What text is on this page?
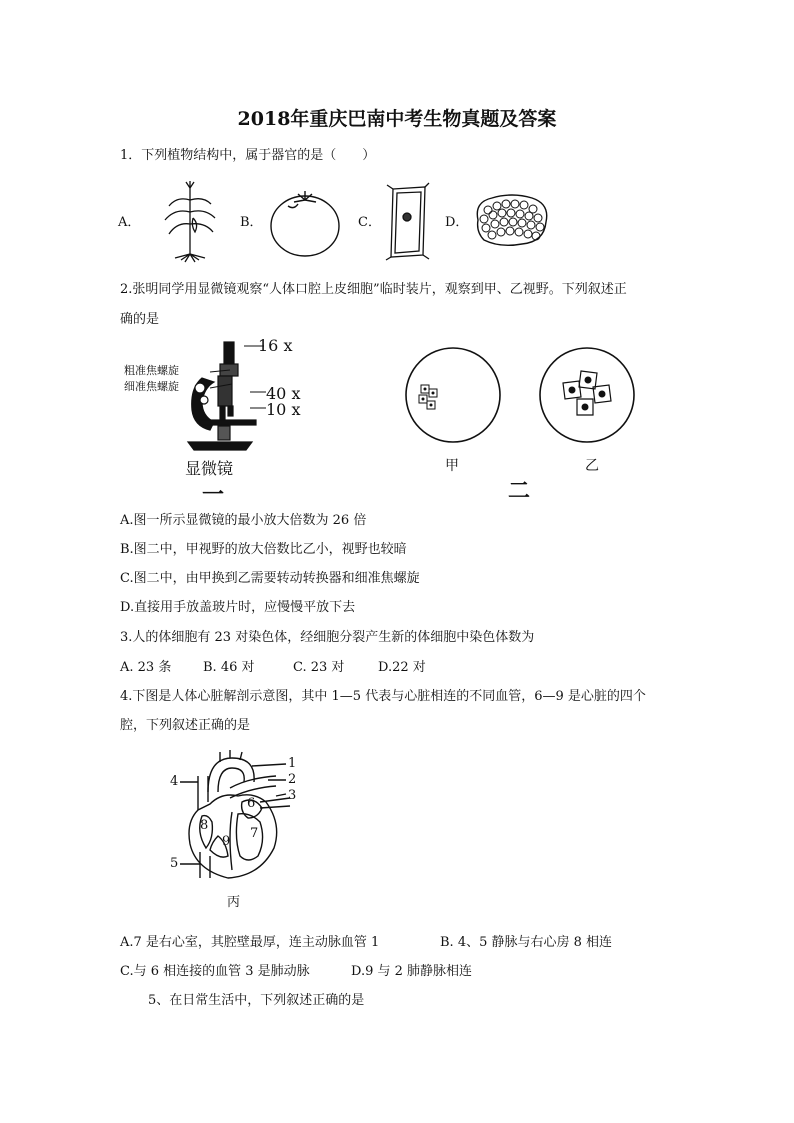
2018年重庆巴南中考生物真题及答案
1．下列植物结构中，属于器官的是（　　）
A．	B．	C．	D．
2.张明同学用显微镜观察“人体口腔上皮细胞”临时装片，观察到甲、乙视野。下列叙述正
确的是
16 x
粗准焦螺旋
细准焦螺旋	40 x
10 x
显微镜
一
甲	乙
二
A.图一所示显微镜的最小放大倍数为 26 倍
B.图二中，甲视野的放大倍数比乙小，视野也较暗
C.图二中，由甲换到乙需要转动转换器和细准焦螺旋
D.直接用手放盖玻片时，应慢慢平放下去
3.人的体细胞有 23 对染色体，经细胞分裂产生新的体细胞中染色体数为
A. 23 条 B. 46 对	C. 23 对	D.22 对
4.下图是人体心脏解剖示意图，其中 1—5 代表与心脏相连的不同血管，6—9 是心脏的四个
腔，下列叙述正确的是
1
2
3
4
5
6
7
8
9
丙
A.7 是右心室，其腔壁最厚，连主动脉血管 1	B. 4、5 静脉与右心房 8 相连
C.与 6 相连接的血管 3 是肺动脉	D.9 与 2 肺静脉相连
5、在日常生活中，下列叙述正确的是
